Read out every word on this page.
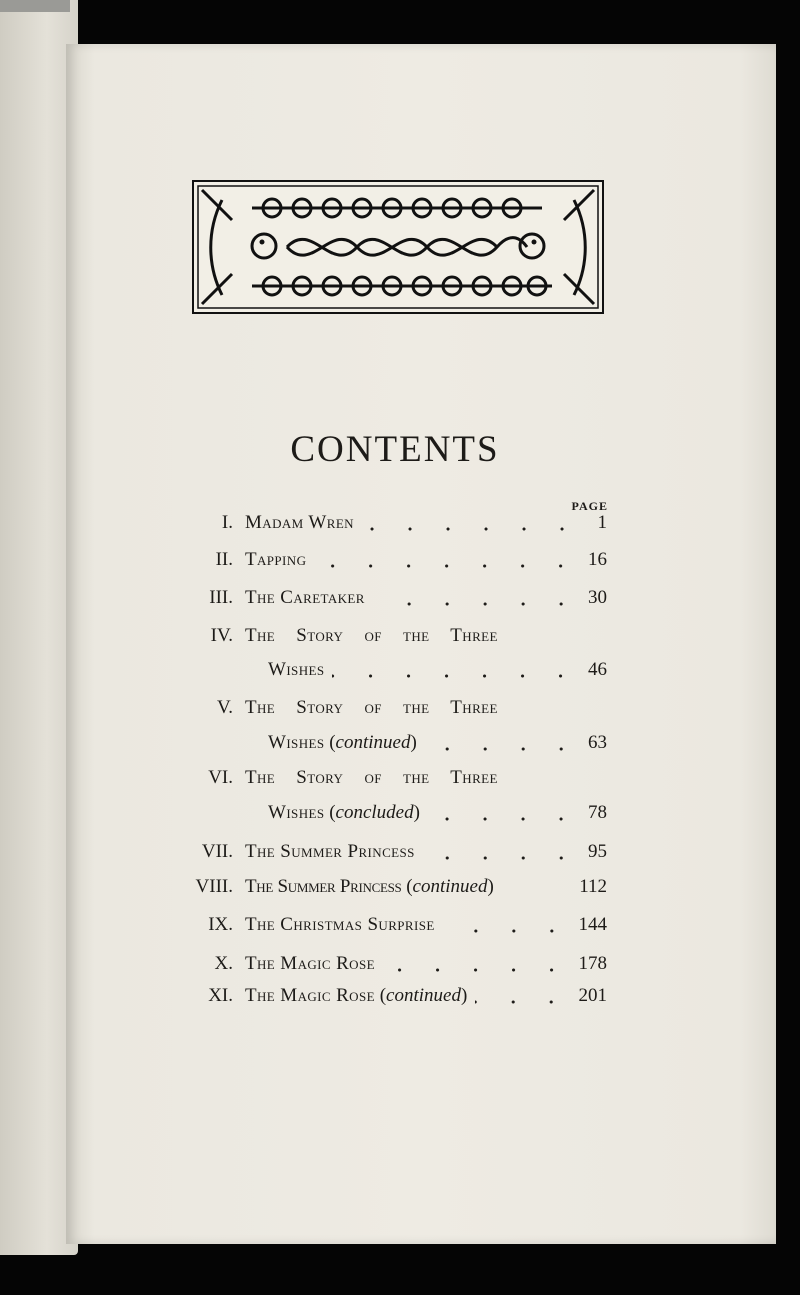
CONTENTS
PAGE
I. Madam Wren	1
II. Tapping	16
III. The Caretaker	30
IV. The Story of the Three
Wishes	46
V. The Story of the Three
Wishes ( continued )	63
VI. The Story of the Three
Wishes ( concluded )	78
VII. The Summer Princess	95
VIII. The Summer Princess ( continued )	112
IX. The Christmas Surprise	144
X. The Magic Rose	178
XI. The Magic Rose ( continued )	201
